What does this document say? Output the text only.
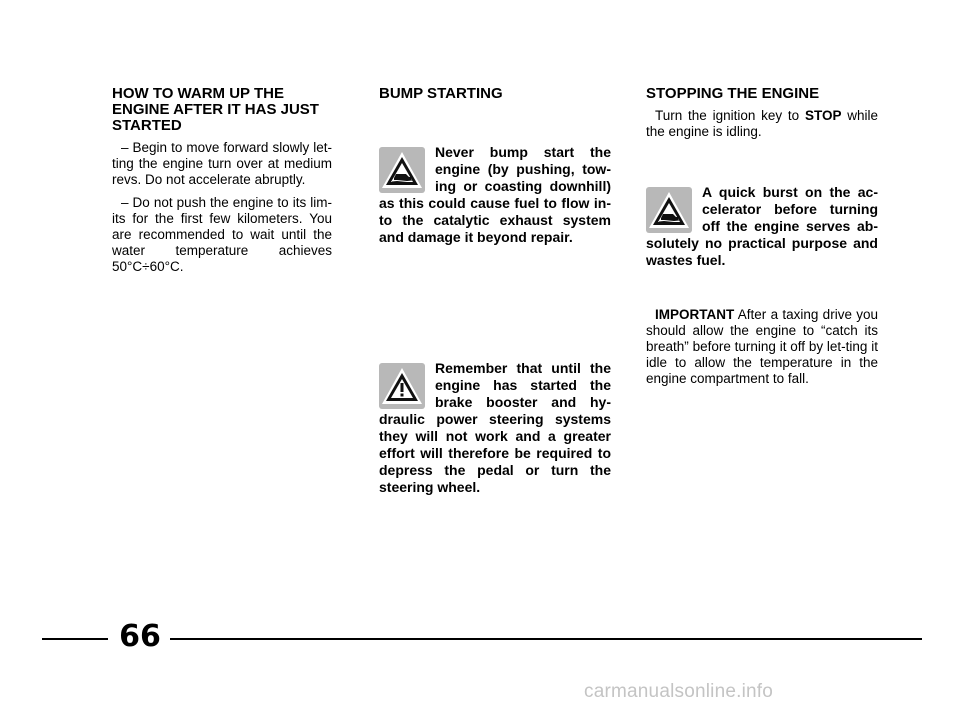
HOW TO WARM UP THE ENGINE AFTER IT HAS JUST STARTED

– Begin to move forward slowly let-ting the engine turn over at medium revs. Do not accelerate abruptly.

– Do not push the engine to its lim-its for the first few kilometers. You are recommended to wait until the water temperature achieves 50°C÷60°C.

BUMP STARTING
Never bump start the engine (by pushing, tow-ing or coasting downhill) as this could cause fuel to flow in-to the catalytic exhaust system and damage it beyond repair.
Remember that until the engine has started the brake booster and hy-draulic power steering systems they will not work and a greater effort will therefore be required to depress the pedal or turn the steering wheel.
STOPPING THE ENGINE

Turn the ignition key to STOP while the engine is idling.

A quick burst on the ac-celerator before turning off the engine serves ab-solutely no practical purpose and wastes fuel.

IMPORTANT After a taxing drive you should allow the engine to “catch its breath” before turning it off by let-ting it idle to allow the temperature in the engine compartment to fall.

66
carmanualsonline.info
